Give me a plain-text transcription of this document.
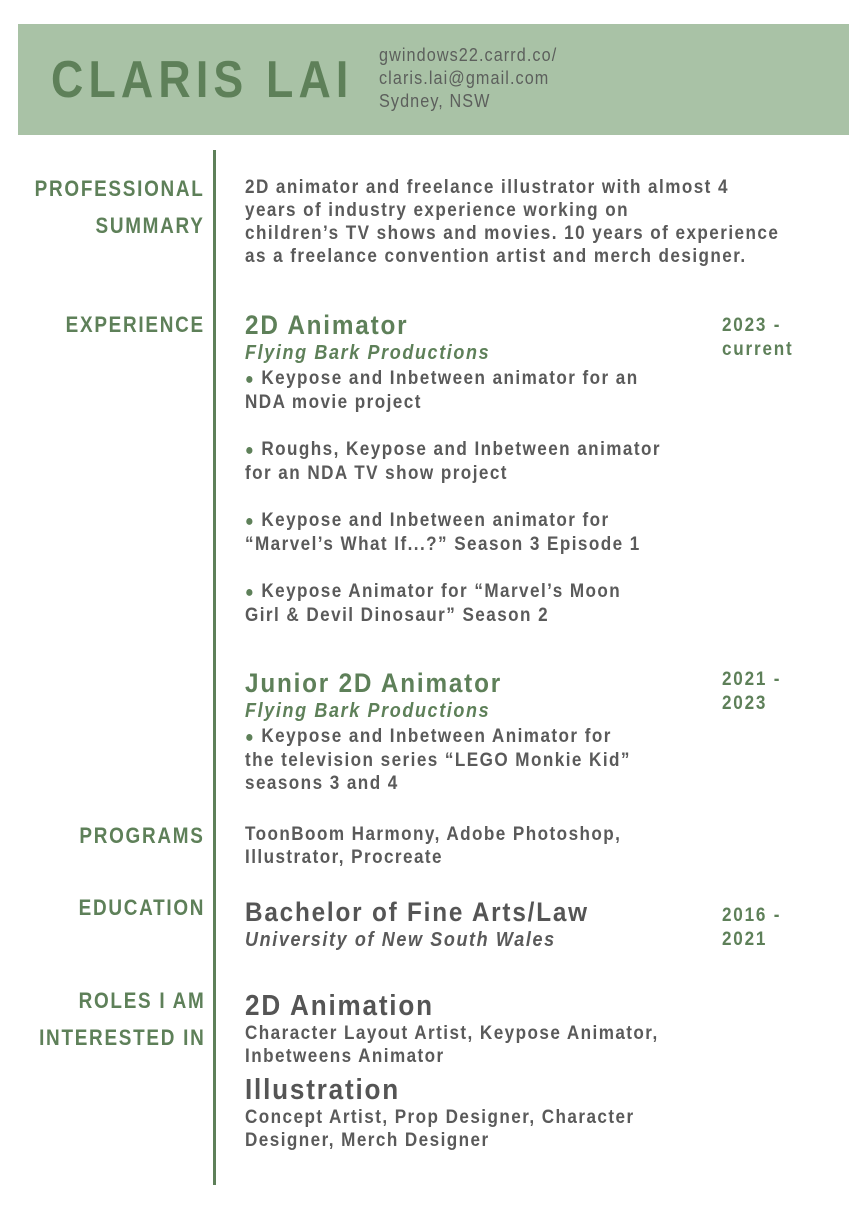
CLARIS LAI gwindows22.carrd.co/
claris.lai@gmail.com
Sydney, NSW
PROFESSIONAL
SUMMARY
2D animator and freelance illustrator with almost 4
years of industry experience working on
children’s TV shows and movies. 10 years of experience
as a freelance convention artist and merch designer.
EXPERIENCE 2D Animator
Flying Bark Productions
● Keypose and Inbetween animator for an
NDA movie project
● Roughs, Keypose and Inbetween animator
for an NDA TV show project
● Keypose and Inbetween animator for
“Marvel’s What If...?” Season 3 Episode 1
● Keypose Animator for “Marvel’s Moon
Girl & Devil Dinosaur” Season 2
2023 -
current
Junior 2D Animator
Flying Bark Productions
● Keypose and Inbetween Animator for
the television series “LEGO Monkie Kid”
seasons 3 and 4
2021 -
2023
PROGRAMS ToonBoom Harmony, Adobe Photoshop,
Illustrator, Procreate
EDUCATION Bachelor of Fine Arts/Law
University of New South Wales
2016 -
2021
ROLES I AM
INTERESTED IN
2D Animation
Character Layout Artist, Keypose Animator,
Inbetweens Animator
Illustration
Concept Artist, Prop Designer, Character
Designer, Merch Designer
